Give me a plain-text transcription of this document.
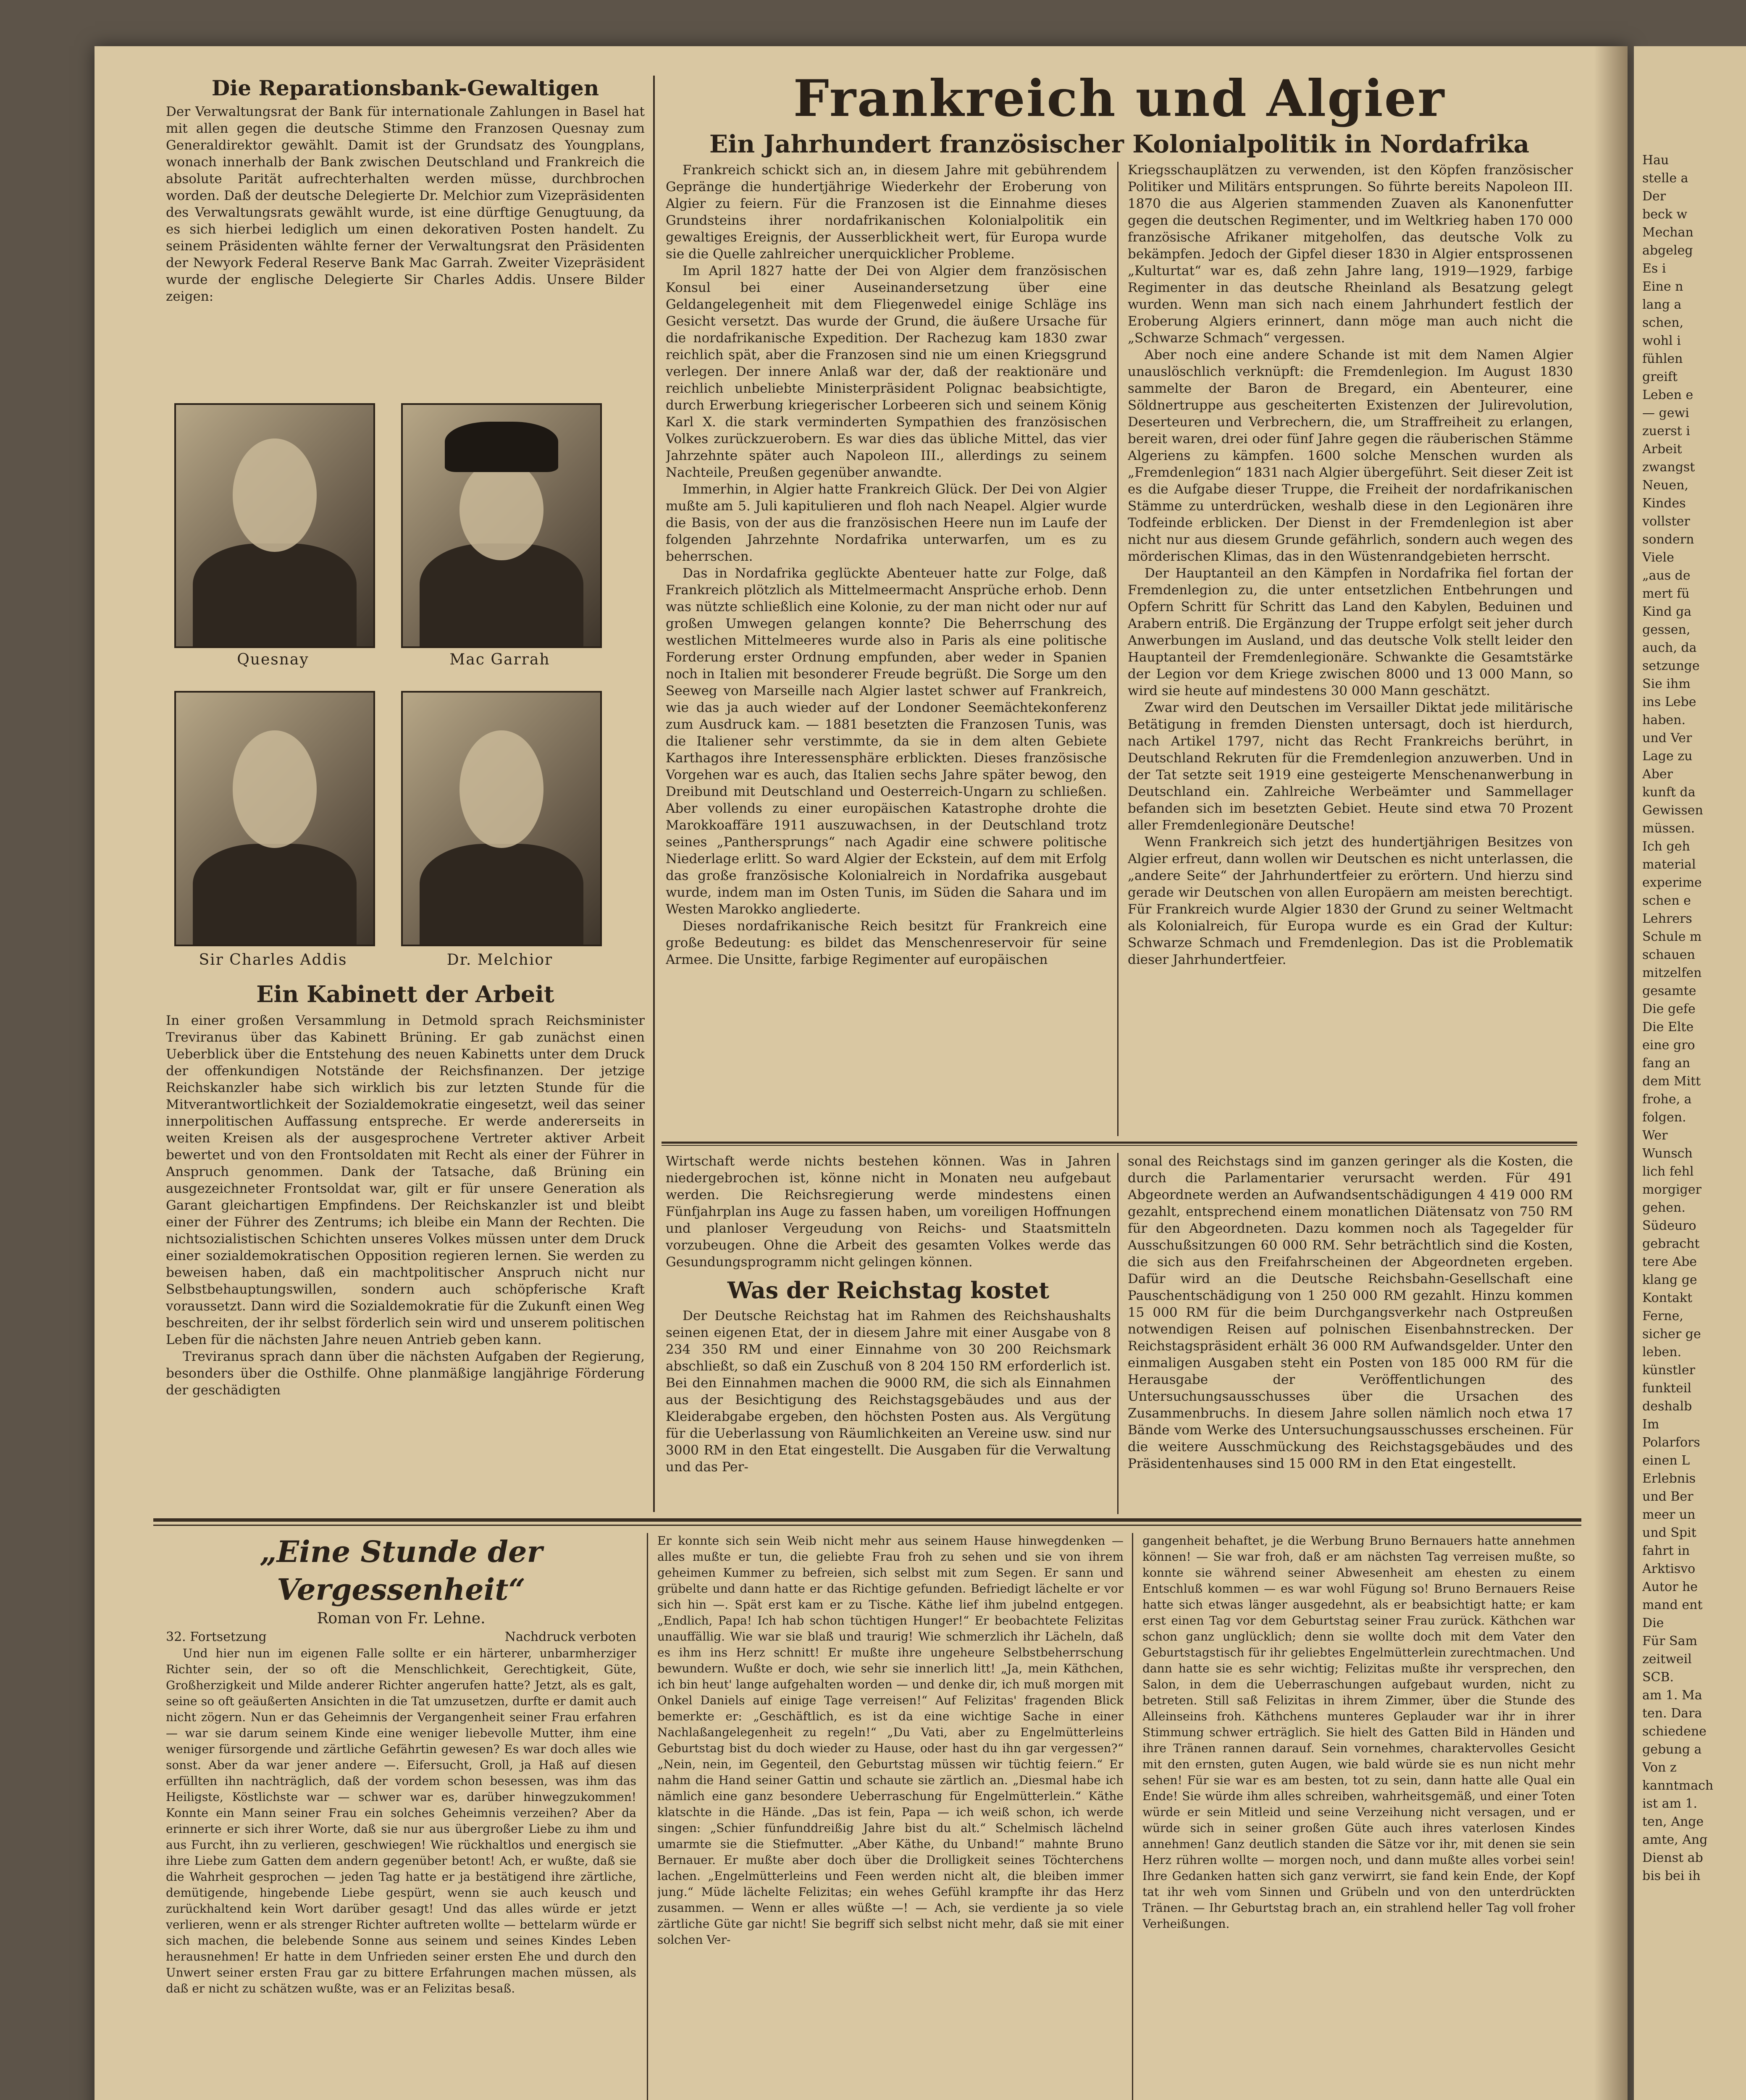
Die Reparationsbank-Gewaltigen

Der Verwaltungsrat der Bank für internationale Zahlungen in Basel hat mit allen gegen die deutsche Stimme den Franzosen Quesnay zum Generaldirektor gewählt. Damit ist der Grundsatz des Youngplans, wonach innerhalb der Bank zwischen Deutschland und Frankreich die absolute Parität aufrechterhalten werden müsse, durchbrochen worden. Daß der deutsche Delegierte Dr. Melchior zum Vizepräsidenten des Verwaltungsrats gewählt wurde, ist eine dürftige Genugtuung, da es sich hierbei lediglich um einen dekorativen Posten handelt. Zu seinem Präsidenten wählte ferner der Verwaltungsrat den Präsidenten der Newyork Federal Reserve Bank Mac Garrah. Zweiter Vizepräsident wurde der englische Delegierte Sir Charles Addis. Unsere Bilder zeigen:

Quesnay	Mac Garrah
Sir Charles Addis	Dr. Melchior
Ein Kabinett der Arbeit

In einer großen Versammlung in Detmold sprach Reichsminister Treviranus über das Kabinett Brüning. Er gab zunächst einen Ueberblick über die Entstehung des neuen Kabinetts unter dem Druck der offenkundigen Notstände der Reichsfinanzen. Der jetzige Reichskanzler habe sich wirklich bis zur letzten Stunde für die Mitverantwortlichkeit der Sozialdemokratie eingesetzt, weil das seiner innerpolitischen Auffassung entspreche. Er werde andererseits in weiten Kreisen als der ausgesprochene Vertreter aktiver Arbeit bewertet und von den Frontsoldaten mit Recht als einer der Führer in Anspruch genommen. Dank der Tatsache, daß Brüning ein ausgezeichneter Frontsoldat war, gilt er für unsere Generation als Garant gleichartigen Empfindens. Der Reichskanzler ist und bleibt einer der Führer des Zentrums; ich bleibe ein Mann der Rechten. Die nichtsozialistischen Schichten unseres Volkes müssen unter dem Druck einer sozialdemokratischen Opposition regieren lernen. Sie werden zu beweisen haben, daß ein machtpolitischer Anspruch nicht nur Selbstbehauptungswillen, sondern auch schöpferische Kraft voraussetzt. Dann wird die Sozialdemokratie für die Zukunft einen Weg beschreiten, der ihr selbst förderlich sein wird und unserem politischen Leben für die nächsten Jahre neuen Antrieb geben kann.

Treviranus sprach dann über die nächsten Aufgaben der Regierung, besonders über die Osthilfe. Ohne planmäßige langjährige Förderung der geschädigten

Frankreich und Algier
Ein Jahrhundert französischer Kolonialpolitik in Nordafrika

Frankreich schickt sich an, in diesem Jahre mit gebührendem Gepränge die hundertjährige Wiederkehr der Eroberung von Algier zu feiern. Für die Franzosen ist die Einnahme dieses Grundsteins ihrer nordafrikanischen Kolonialpolitik ein gewaltiges Ereignis, der Ausserblickheit wert, für Europa wurde sie die Quelle zahlreicher unerquicklicher Probleme.

Im April 1827 hatte der Dei von Algier dem französischen Konsul bei einer Auseinandersetzung über eine Geldangelegenheit mit dem Fliegenwedel einige Schläge ins Gesicht versetzt. Das wurde der Grund, die äußere Ursache für die nordafrikanische Expedition. Der Rachezug kam 1830 zwar reichlich spät, aber die Franzosen sind nie um einen Kriegsgrund verlegen. Der innere Anlaß war der, daß der reaktionäre und reichlich unbeliebte Ministerpräsident Polignac beabsichtigte, durch Erwerbung kriegerischer Lorbeeren sich und seinem König Karl X. die stark verminderten Sympathien des französischen Volkes zurückzuerobern. Es war dies das übliche Mittel, das vier Jahrzehnte später auch Napoleon III., allerdings zu seinem Nachteile, Preußen gegenüber anwandte.

Immerhin, in Algier hatte Frankreich Glück. Der Dei von Algier mußte am 5. Juli kapitulieren und floh nach Neapel. Algier wurde die Basis, von der aus die französischen Heere nun im Laufe der folgenden Jahrzehnte Nordafrika unterwarfen, um es zu beherrschen.

Das in Nordafrika geglückte Abenteuer hatte zur Folge, daß Frankreich plötzlich als Mittelmeermacht Ansprüche erhob. Denn was nützte schließlich eine Kolonie, zu der man nicht oder nur auf großen Umwegen gelangen konnte? Die Beherrschung des westlichen Mittelmeeres wurde also in Paris als eine politische Forderung erster Ordnung empfunden, aber weder in Spanien noch in Italien mit besonderer Freude begrüßt. Die Sorge um den Seeweg von Marseille nach Algier lastet schwer auf Frankreich, wie das ja auch wieder auf der Londoner Seemächtekonferenz zum Ausdruck kam. — 1881 besetzten die Franzosen Tunis, was die Italiener sehr verstimmte, da sie in dem alten Gebiete Karthagos ihre Interessensphäre erblickten. Dieses französische Vorgehen war es auch, das Italien sechs Jahre später bewog, den Dreibund mit Deutschland und Oesterreich-Ungarn zu schließen. Aber vollends zu einer europäischen Katastrophe drohte die Marokkoaffäre 1911 auszuwachsen, in der Deutschland trotz seines „Panthersprungs“ nach Agadir eine schwere politische Niederlage erlitt. So ward Algier der Eckstein, auf dem mit Erfolg das große französische Kolonialreich in Nordafrika ausgebaut wurde, indem man im Osten Tunis, im Süden die Sahara und im Westen Marokko angliederte.

Dieses nordafrikanische Reich besitzt für Frankreich eine große Bedeutung: es bildet das Menschenreservoir für seine Armee. Die Unsitte, farbige Regimenter auf europäischen

Kriegsschauplätzen zu verwenden, ist den Köpfen französischer Politiker und Militärs entsprungen. So führte bereits Napoleon III. 1870 die aus Algerien stammenden Zuaven als Kanonenfutter gegen die deutschen Regimenter, und im Weltkrieg haben 170 000 französische Afrikaner mitgeholfen, das deutsche Volk zu bekämpfen. Jedoch der Gipfel dieser 1830 in Algier entsprossenen „Kulturtat“ war es, daß zehn Jahre lang, 1919—1929, farbige Regimenter in das deutsche Rheinland als Besatzung gelegt wurden. Wenn man sich nach einem Jahrhundert festlich der Eroberung Algiers erinnert, dann möge man auch nicht die „Schwarze Schmach“ vergessen.

Aber noch eine andere Schande ist mit dem Namen Algier unauslöschlich verknüpft: die Fremdenlegion. Im August 1830 sammelte der Baron de Bregard, ein Abenteurer, eine Söldnertruppe aus gescheiterten Existenzen der Julirevolution, Deserteuren und Verbrechern, die, um Straffreiheit zu erlangen, bereit waren, drei oder fünf Jahre gegen die räuberischen Stämme Algeriens zu kämpfen. 1600 solche Menschen wurden als „Fremdenlegion“ 1831 nach Algier übergeführt. Seit dieser Zeit ist es die Aufgabe dieser Truppe, die Freiheit der nordafrikanischen Stämme zu unterdrücken, weshalb diese in den Legionären ihre Todfeinde erblicken. Der Dienst in der Fremdenlegion ist aber nicht nur aus diesem Grunde gefährlich, sondern auch wegen des mörderischen Klimas, das in den Wüstenrandgebieten herrscht.

Der Hauptanteil an den Kämpfen in Nordafrika fiel fortan der Fremdenlegion zu, die unter entsetzlichen Entbehrungen und Opfern Schritt für Schritt das Land den Kabylen, Beduinen und Arabern entriß. Die Ergänzung der Truppe erfolgt seit jeher durch Anwerbungen im Ausland, und das deutsche Volk stellt leider den Hauptanteil der Fremdenlegionäre. Schwankte die Gesamtstärke der Legion vor dem Kriege zwischen 8000 und 13 000 Mann, so wird sie heute auf mindestens 30 000 Mann geschätzt.

Zwar wird den Deutschen im Versailler Diktat jede militärische Betätigung in fremden Diensten untersagt, doch ist hierdurch, nach Artikel 1797, nicht das Recht Frankreichs berührt, in Deutschland Rekruten für die Fremdenlegion anzuwerben. Und in der Tat setzte seit 1919 eine gesteigerte Menschenanwerbung in Deutschland ein. Zahlreiche Werbeämter und Sammellager befanden sich im besetzten Gebiet. Heute sind etwa 70 Prozent aller Fremdenlegionäre Deutsche!

Wenn Frankreich sich jetzt des hundertjährigen Besitzes von Algier erfreut, dann wollen wir Deutschen es nicht unterlassen, die „andere Seite“ der Jahrhundertfeier zu erörtern. Und hierzu sind gerade wir Deutschen von allen Europäern am meisten berechtigt. Für Frankreich wurde Algier 1830 der Grund zu seiner Weltmacht als Kolonialreich, für Europa wurde es ein Grad der Kultur: Schwarze Schmach und Fremdenlegion. Das ist die Problematik dieser Jahrhundertfeier.

Wirtschaft werde nichts bestehen können. Was in Jahren niedergebrochen ist, könne nicht in Monaten neu aufgebaut werden. Die Reichsregierung werde mindestens einen Fünfjahrplan ins Auge zu fassen haben, um voreiligen Hoffnungen und planloser Vergeudung von Reichs- und Staatsmitteln vorzubeugen. Ohne die Arbeit des gesamten Volkes werde das Gesundungsprogramm nicht gelingen können.

Was der Reichstag kostet

Der Deutsche Reichstag hat im Rahmen des Reichshaushalts seinen eigenen Etat, der in diesem Jahre mit einer Ausgabe von 8 234 350 RM und einer Einnahme von 30 200 Reichsmark abschließt, so daß ein Zuschuß von 8 204 150 RM erforderlich ist. Bei den Einnahmen machen die 9000 RM, die sich als Einnahmen aus der Besichtigung des Reichstagsgebäudes und aus der Kleiderabgabe ergeben, den höchsten Posten aus. Als Vergütung für die Ueberlassung von Räumlichkeiten an Vereine usw. sind nur 3000 RM in den Etat eingestellt. Die Ausgaben für die Verwaltung und das Per-

sonal des Reichstags sind im ganzen geringer als die Kosten, die durch die Parlamentarier verursacht werden. Für 491 Abgeordnete werden an Aufwandsentschädigungen 4 419 000 RM gezahlt, entsprechend einem monatlichen Diätensatz von 750 RM für den Abgeordneten. Dazu kommen noch als Tagegelder für Ausschußsitzungen 60 000 RM. Sehr beträchtlich sind die Kosten, die sich aus den Freifahrscheinen der Abgeordneten ergeben. Dafür wird an die Deutsche Reichsbahn-Gesellschaft eine Pauschentschädigung von 1 250 000 RM gezahlt. Hinzu kommen 15 000 RM für die beim Durchgangsverkehr nach Ostpreußen notwendigen Reisen auf polnischen Eisenbahnstrecken. Der Reichstagspräsident erhält 36 000 RM Aufwandsgelder. Unter den einmaligen Ausgaben steht ein Posten von 185 000 RM für die Herausgabe der Veröffentlichungen des Untersuchungsausschusses über die Ursachen des Zusammenbruchs. In diesem Jahre sollen nämlich noch etwa 17 Bände vom Werke des Untersuchungsausschusses erscheinen. Für die weitere Ausschmückung des Reichstagsgebäudes und des Präsidentenhauses sind 15 000 RM in den Etat eingestellt.

„Eine Stunde der Vergessenheit“
Roman von Fr. Lehne.
32. Fortsetzung	Nachdruck verboten

Und hier nun im eigenen Falle sollte er ein härterer, unbarmherziger Richter sein, der so oft die Menschlichkeit, Gerechtigkeit, Güte, Großherzigkeit und Milde anderer Richter angerufen hatte? Jetzt, als es galt, seine so oft geäußerten Ansichten in die Tat umzusetzen, durfte er damit auch nicht zögern. Nun er das Geheimnis der Vergangenheit seiner Frau erfahren — war sie darum seinem Kinde eine weniger liebevolle Mutter, ihm eine weniger fürsorgende und zärtliche Gefährtin gewesen? Es war doch alles wie sonst. Aber da war jener andere —. Eifersucht, Groll, ja Haß auf diesen erfüllten ihn nachträglich, daß der vordem schon besessen, was ihm das Heiligste, Köstlichste war — schwer war es, darüber hinwegzukommen! Konnte ein Mann seiner Frau ein solches Geheimnis verzeihen? Aber da erinnerte er sich ihrer Worte, daß sie nur aus übergroßer Liebe zu ihm und aus Furcht, ihn zu verlieren, geschwiegen! Wie rückhaltlos und energisch sie ihre Liebe zum Gatten dem andern gegenüber betont! Ach, er wußte, daß sie die Wahrheit gesprochen — jeden Tag hatte er ja bestätigend ihre zärtliche, demütigende, hingebende Liebe gespürt, wenn sie auch keusch und zurückhaltend kein Wort darüber gesagt! Und das alles würde er jetzt verlieren, wenn er als strenger Richter auftreten wollte — bettelarm würde er sich machen, die belebende Sonne aus seinem und seines Kindes Leben herausnehmen! Er hatte in dem Unfrieden seiner ersten Ehe und durch den Unwert seiner ersten Frau gar zu bittere Erfahrungen machen müssen, als daß er nicht zu schätzen wußte, was er an Felizitas besaß.

Er konnte sich sein Weib nicht mehr aus seinem Hause hinwegdenken — alles mußte er tun, die geliebte Frau froh zu sehen und sie von ihrem geheimen Kummer zu befreien, sich selbst mit zum Segen. Er sann und grübelte und dann hatte er das Richtige gefunden. Befriedigt lächelte er vor sich hin —. Spät erst kam er zu Tische. Käthe lief ihm jubelnd entgegen. „Endlich, Papa! Ich hab schon tüchtigen Hunger!“ Er beobachtete Felizitas unauffällig. Wie war sie blaß und traurig! Wie schmerzlich ihr Lächeln, daß es ihm ins Herz schnitt! Er mußte ihre ungeheure Selbstbeherrschung bewundern. Wußte er doch, wie sehr sie innerlich litt! „Ja, mein Käthchen, ich bin heut' lange aufgehalten worden — und denke dir, ich muß morgen mit Onkel Daniels auf einige Tage verreisen!“ Auf Felizitas' fragenden Blick bemerkte er: „Geschäftlich, es ist da eine wichtige Sache in einer Nachlaßangelegenheit zu regeln!“ „Du Vati, aber zu Engelmütterleins Geburtstag bist du doch wieder zu Hause, oder hast du ihn gar vergessen?“ „Nein, nein, im Gegenteil, den Geburtstag müssen wir tüchtig feiern.“ Er nahm die Hand seiner Gattin und schaute sie zärtlich an. „Diesmal habe ich nämlich eine ganz besondere Ueberraschung für Engelmütterlein.“ Käthe klatschte in die Hände. „Das ist fein, Papa — ich weiß schon, ich werde singen: „Schier fünfunddreißig Jahre bist du alt.“ Schelmisch lächelnd umarmte sie die Stiefmutter. „Aber Käthe, du Unband!“ mahnte Bruno Bernauer. Er mußte aber doch über die Drolligkeit seines Töchterchens lachen. „Engelmütterleins und Feen werden nicht alt, die bleiben immer jung.“ Müde lächelte Felizitas; ein wehes Gefühl krampfte ihr das Herz zusammen. — Wenn er alles wüßte —! — Ach, sie verdiente ja so viele zärtliche Güte gar nicht! Sie begriff sich selbst nicht mehr, daß sie mit einer solchen Ver-

gangenheit behaftet, je die Werbung Bruno Bernauers hatte annehmen können! — Sie war froh, daß er am nächsten Tag verreisen mußte, so konnte sie während seiner Abwesenheit am ehesten zu einem Entschluß kommen — es war wohl Fügung so! Bruno Bernauers Reise hatte sich etwas länger ausgedehnt, als er beabsichtigt hatte; er kam erst einen Tag vor dem Geburtstag seiner Frau zurück. Käthchen war schon ganz unglücklich; denn sie wollte doch mit dem Vater den Geburtstagstisch für ihr geliebtes Engelmütterlein zurechtmachen. Und dann hatte sie es sehr wichtig; Felizitas mußte ihr versprechen, den Salon, in dem die Ueberraschungen aufgebaut wurden, nicht zu betreten. Still saß Felizitas in ihrem Zimmer, über die Stunde des Alleinseins froh. Käthchens munteres Geplauder war ihr in ihrer Stimmung schwer erträglich. Sie hielt des Gatten Bild in Händen und ihre Tränen rannen darauf. Sein vornehmes, charaktervolles Gesicht mit den ernsten, guten Augen, wie bald würde sie es nun nicht mehr sehen! Für sie war es am besten, tot zu sein, dann hatte alle Qual ein Ende! Sie würde ihm alles schreiben, wahrheitsgemäß, und einer Toten würde er sein Mitleid und seine Verzeihung nicht versagen, und er würde sich in seiner großen Güte auch ihres vaterlosen Kindes annehmen! Ganz deutlich standen die Sätze vor ihr, mit denen sie sein Herz rühren wollte — morgen noch, und dann mußte alles vorbei sein! Ihre Gedanken hatten sich ganz verwirrt, sie fand kein Ende, der Kopf tat ihr weh vom Sinnen und Grübeln und von den unterdrückten Tränen. — Ihr Geburtstag brach an, ein strahlend heller Tag voll froher Verheißungen.

Hau
stelle a
Der
beck w
Mechan
abgeleg
Es i
Eine n
lang a
schen,
wohl i
fühlen
greift
Leben e
— gewi
zuerst i
Arbeit
zwangst
Neuen,
Kindes
vollster
sondern
Viele
„aus de
mert fü
Kind ga
gessen,
auch, da
setzunge
Sie ihm
ins Lebe
haben.
und Ver
Lage zu
Aber
kunft da
Gewissen
müssen.
Ich geh
material
experime
schen e
Lehrers
Schule m
schauen
mitzelfen
gesamte
Die gefe
Die Elte
eine gro
fang an
dem Mitt
frohe, a
folgen.
Wer
Wunsch
lich fehl
morgiger
gehen.
Südeuro
gebracht
tere Abe
klang ge
Kontakt
Ferne,
sicher ge
leben.
künstler
funkteil
deshalb
Im
Polarfors
einen L
Erlebnis
und Ber
meer un
und Spit
fahrt in
Arktisvo
Autor he
mand ent
Die
Für Sam
zeitweil
SCB.
am 1. Ma
ten. Dara
schiedene
gebung a
Von z
kanntmach
ist am 1.
ten, Ange
amte, Ang
Dienst ab
bis bei ih
